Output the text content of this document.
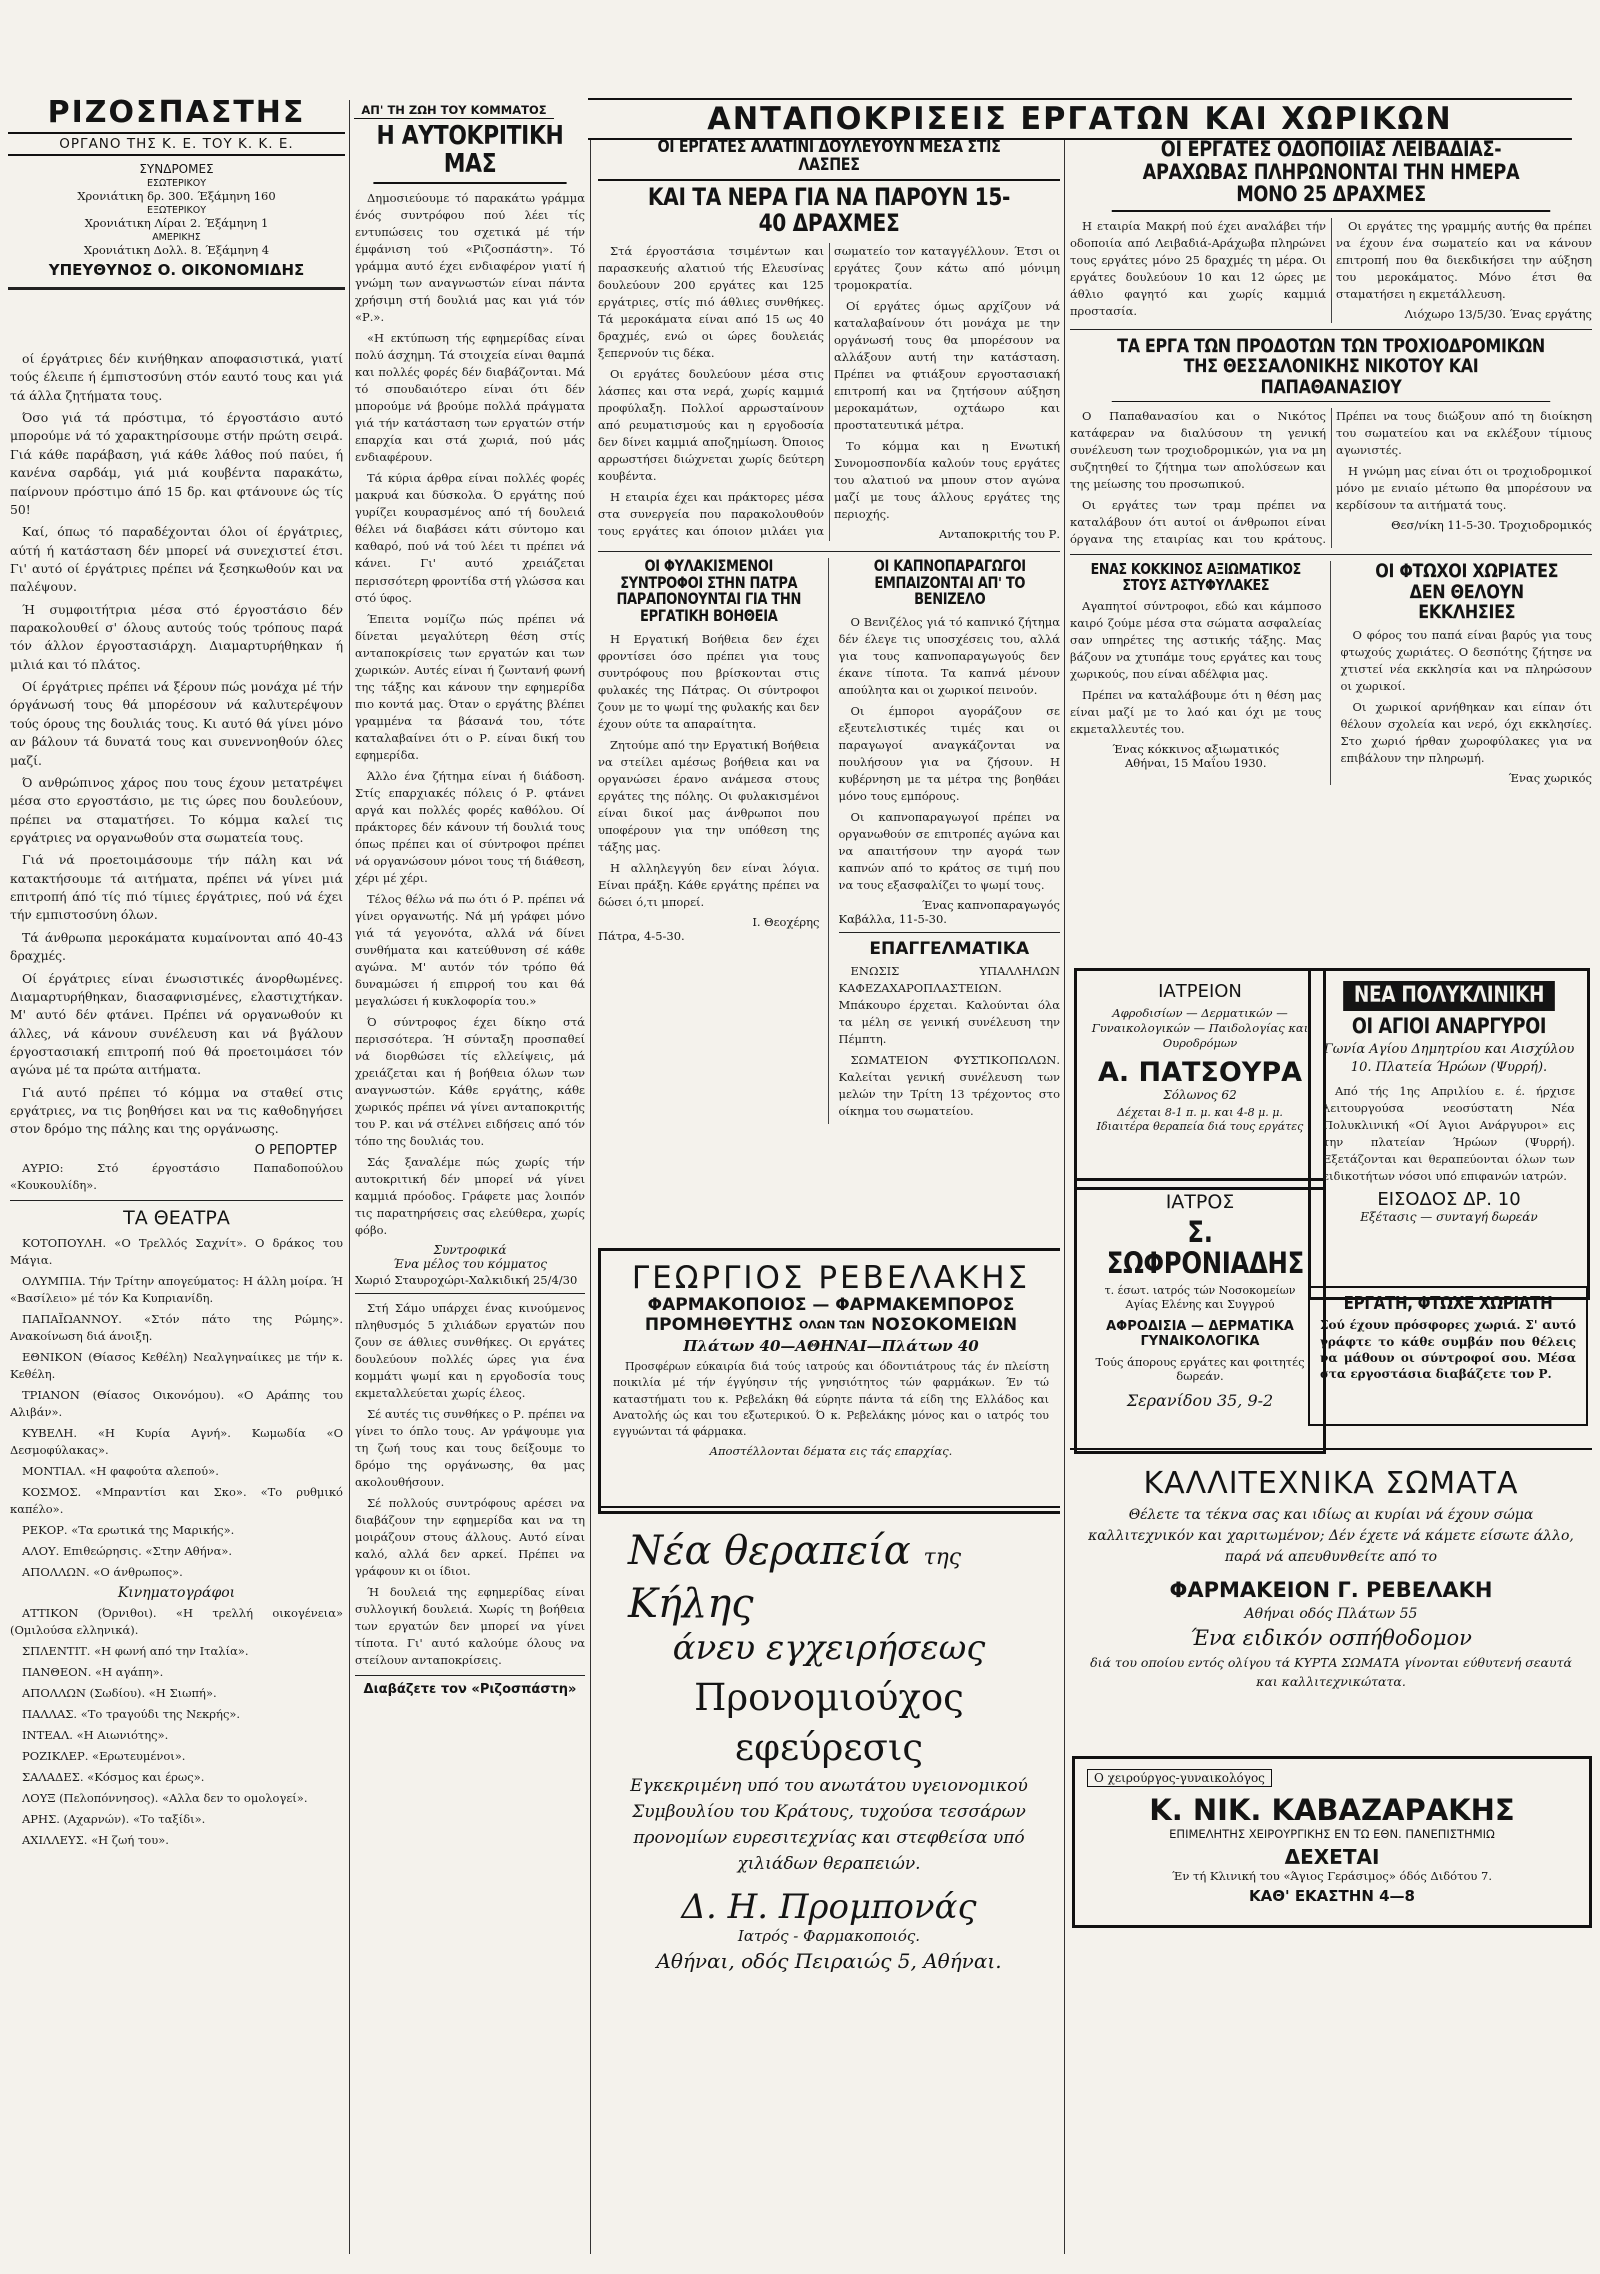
ΡΙΖΟΣΠΑΣΤΗΣ
ΟΡΓΑΝΟ ΤΗΣ Κ. Ε. ΤΟΥ Κ. Κ. Ε.
ΣΥΝΔΡΟΜΕΣ
ΕΣΩΤΕΡΙΚΟΥ
Χρονιάτικη δρ. 300. Έξάμηνη 160
ΕΞΩΤΕΡΙΚΟΥ
Χρονιάτικη Λίραι 2. Έξάμηνη 1
ΑΜΕΡΙΚΗΣ
Χρονιάτικη Δολλ. 8. Έξάμηνη 4
ΥΠΕΥΘΥΝΟΣ Ο. ΟΙΚΟΝΟΜΙΔΗΣ
ΑΠ' ΤΗ ΖΩΗ ΤΟΥ ΚΟΜΜΑΤΟΣ	ΑΝΤΑΠΟΚΡΙΣΕΙΣ ΕΡΓΑΤΩΝ ΚΑΙ ΧΩΡΙΚΩΝ

οί έργάτριες δέν κινήθηκαν αποφασιστικά, γιατί τούς έλειπε ή έμπιστοσύνη στόν εαυτό τους και γιά τά άλλα ζητήματα τους.

Όσο γιά τά πρόστιμα, τό έργοστάσιο αυτό μπορούμε νά τό χαρακτηρίσουμε στήν πρώτη σειρά. Γιά κάθε παράβαση, γιά κάθε λάθος πού παύει, ή κανένα σαρδάμ, γιά μιά κουβέντα παρακάτω, παίρνουν πρόστιμο άπό 15 δρ. και φτάνουνε ώς τίς 50!

Καί, όπως τό παραδέχονται όλοι οί έργάτριες, αύτή ή κατάσταση δέν μπορεί νά συνεχιστεί έτσι. Γι' αυτό οί έργάτριες πρέπει νά ξεσηκωθούν και να παλέψουν.

Ή συμφοιτήτρια μέσα στό έργοστάσιο δέν παρακολουθεί σ' όλους αυτούς τούς τρόπους παρά τόν άλλον έργοστασιάρχη. Διαμαρτυρήθηκαν ή μιλιά και τό πλάτος.

Οί έργάτριες πρέπει νά ξέρουν πώς μονάχα μέ τήν όργάνωσή τους θά μπορέσουν νά καλυτερέψουν τούς όρους της δουλιάς τους. Κι αυτό θά γίνει μόνο αν βάλουν τά δυνατά τους και συνεννοηθούν όλες μαζί.

Ό ανθρώπινος χάρος που τους έχουν μετατρέψει μέσα στο εργοστάσιο, με τις ώρες που δουλεύουν, πρέπει να σταματήσει. Το κόμμα καλεί τις εργάτριες να οργανωθούν στα σωματεία τους.

Γιά νά προετοιμάσουμε τήν πάλη και νά κατακτήσουμε τά αιτήματα, πρέπει νά γίνει μιά επιτροπή άπό τίς πιό τίμιες έργάτριες, πού νά έχει τήν εμπιστοσύνη όλων.

Τά άνθρωπα μεροκάματα κυμαίνονται από 40-43 δραχμές.

Οί έργάτριες είναι ένωσιστικές άνορθωμένες. Διαμαρτυρήθηκαν, διασαφνισμένες, ελαστιχτήκαν. Μ' αυτό δέν φτάνει. Πρέπει νά οργανωθούν κι άλλες, νά κάνουν συνέλευση και νά βγάλουν έργοστασιακή επιτροπή πού θά προετοιμάσει τόν αγώνα μέ τα πρώτα αιτήματα.

Γιά αυτό πρέπει τό κόμμα να σταθεί στις εργάτριες, να τις βοηθήσει και να τις καθοδηγήσει στον δρόμο της πάλης και της οργάνωσης.

Ο ΡΕΠΟΡΤΕΡ

ΑΥΡΙΟ: Στό έργοστάσιο Παπαδοπούλου «Κουκουλίδη».

ΤΑ ΘΕΑΤΡΑ

ΚΟΤΟΠΟΥΛΗ. «Ο Τρελλός Σαχνίτ». Ο δράκος του Μάγια.

ΟΛΥΜΠΙΑ. Τήν Τρίτην απογεύματος: Η άλλη μοίρα. Ή «Βασίλειο» μέ τόν Κα Κυπριανίδη.

ΠΑΠΑΪΩΑΝΝΟΥ. «Στόν πάτο της Ρώμης». Ανακοίνωση διά άνοιξη.

ΕΘΝΙΚΟΝ (Θίασος Κεθέλη) Νεαλγηναίικες με τήν κ. Κεθέλη.

ΤΡΙΑΝΟΝ (Θίασος Οικονόμου). «Ο Αράπης του Αλιβάν».

ΚΥΒΕΛΗ. «Η Κυρία Αγνή». Κωμωδία «Ο Δεσμοφύλακας».

ΜΟΝΤΙΑΛ. «Η φαφούτα αλεπού».

ΚΟΣΜΟΣ. «Μπραντίσι και Σκο». «Το ρυθμικό καπέλο».

ΡΕΚΟΡ. «Τα ερωτικά της Μαρικής».

ΑΛΟΥ. Επιθεώρησις. «Στην Αθήνα».

ΑΠΟΛΛΩΝ. «Ο άνθρωπος».

Κινηματογράφοι

ΑΤΤΙΚΟΝ (Όρνιθοι). «Η τρελλή οικογένεια» (Ομιλούσα ελληνικά).

ΣΠΛΕΝΤΙΤ. «Η φωνή από την Ιταλία».

ΠΑΝΘΕΟΝ. «Η αγάπη».

ΑΠΟΛΛΩΝ (Σωδίου). «Η Σιωπή».

ΠΑΛΛΑΣ. «Το τραγούδι της Νεκρής».

ΙΝΤΕΑΛ. «Η Αιωνιότης».

ΡΟΖΙΚΛΕΡ. «Ερωτευμένοι».

ΣΑΛΑΔΕΣ. «Κόσμος και έρως».

ΛΟΥΞ (Πελοπόννησος). «Αλλα δεν το ομολογεί».

ΑΡΗΣ. (Αχαρνών). «Το ταξίδι».

ΑΧΙΛΛΕΥΣ. «Η ζωή του».

Η ΑΥΤΟΚΡΙΤΙΚΗ ΜΑΣ

Δημοσιεύουμε τό παρακάτω γράμμα ένός συντρόφου πού λέει τίς εντυπώσεις του σχετικά μέ τήν έμφάνιση τού «Ριζοσπάστη». Τό γράμμα αυτό έχει ενδιαφέρον γιατί ή γνώμη των αναγνωστών είναι πάντα χρήσιμη στή δουλιά μας και γιά τόν «Ρ.».

«Η εκτύπωση τής εφημερίδας είναι πολύ άσχημη. Τά στοιχεία είναι θαμπά και πολλές φορές δέν διαβάζονται. Μά τό σπουδαιότερο είναι ότι δέν μπορούμε νά βρούμε πολλά πράγματα γιά τήν κατάσταση των εργατών στήν επαρχία και στά χωριά, πού μάς ενδιαφέρουν.

Τά κύρια άρθρα είναι πολλές φορές μακρυά και δύσκολα. Ό εργάτης πού γυρίζει κουρασμένος από τή δουλειά θέλει νά διαβάσει κάτι σύντομο και καθαρό, πού νά τού λέει τι πρέπει νά κάνει. Γι' αυτό χρειάζεται περισσότερη φροντίδα στή γλώσσα και στό ύφος.

Έπειτα νομίζω πώς πρέπει νά δίνεται μεγαλύτερη θέση στίς ανταποκρίσεις των εργατών και των χωρικών. Αυτές είναι ή ζωντανή φωνή της τάξης και κάνουν την εφημερίδα πιο κοντά μας. Όταν ο εργάτης βλέπει γραμμένα τα βάσανά του, τότε καταλαβαίνει ότι ο Ρ. είναι δική του εφημερίδα.

Άλλο ένα ζήτημα είναι ή διάδοση. Στίς επαρχιακές πόλεις ό Ρ. φτάνει αργά και πολλές φορές καθόλου. Οί πράκτορες δέν κάνουν τή δουλιά τους όπως πρέπει και οί σύντροφοι πρέπει νά οργανώσουν μόνοι τους τή διάθεση, χέρι μέ χέρι.

Τέλος θέλω νά πω ότι ό Ρ. πρέπει νά γίνει οργανωτής. Νά μή γράφει μόνο γιά τά γεγονότα, αλλά νά δίνει συνθήματα και κατεύθυνση σέ κάθε αγώνα. Μ' αυτόν τόν τρόπο θά δυναμώσει ή επιρροή του και θά μεγαλώσει ή κυκλοφορία του.»

Ό σύντροφος έχει δίκηο στά περισσότερα. Ή σύνταξη προσπαθεί νά διορθώσει τίς ελλείψεις, μά χρειάζεται και ή βοήθεια όλων των αναγνωστών. Κάθε εργάτης, κάθε χωρικός πρέπει νά γίνει ανταποκριτής του Ρ. και νά στέλνει ειδήσεις από τόν τόπο της δουλιάς του.

Σάς ξαναλέμε πώς χωρίς τήν αυτοκριτική δέν μπορεί νά γίνει καμμιά πρόοδος. Γράφετε μας λοιπόν τις παρατηρήσεις σας ελεύθερα, χωρίς φόβο.

Συντροφικά
Ένα μέλος του κόμματος
Χωριό Σταυροχώρι-Χαλκιδική 25/4/30

Στή Σάμο υπάρχει ένας κινούμενος πληθυσμός 5 χιλιάδων εργατών που ζουν σε άθλιες συνθήκες. Οι εργάτες δουλεύουν πολλές ώρες για ένα κομμάτι ψωμί και η εργοδοσία τους εκμεταλλεύεται χωρίς έλεος.

Σέ αυτές τις συνθήκες ο Ρ. πρέπει να γίνει το όπλο τους. Αν γράψουμε για τη ζωή τους και τους δείξουμε το δρόμο της οργάνωσης, θα μας ακολουθήσουν.

Σέ πολλούς συντρόφους αρέσει να διαβάζουν την εφημερίδα και να τη μοιράζουν στους άλλους. Αυτό είναι καλό, αλλά δεν αρκεί. Πρέπει να γράφουν κι οι ίδιοι.

Ή δουλειά της εφημερίδας είναι συλλογική δουλειά. Χωρίς τη βοήθεια των εργατών δεν μπορεί να γίνει τίποτα. Γι' αυτό καλούμε όλους να στείλουν ανταποκρίσεις.

Διαβάζετε τον «Ριζοσπάστη»
ΟΙ ΕΡΓΑΤΕΣ ΑΛΑΤΙΝΙ ΔΟΥΛΕΥΟΥΝ ΜΕΣΑ ΣΤΙΣ ΛΑΣΠΕΣ
ΚΑΙ ΤΑ ΝΕΡΑ ΓΙΑ ΝΑ ΠΑΡΟΥΝ 15-40 ΔΡΑΧΜΕΣ

Στά έργοστάσια τσιμέντων και παρασκευής αλατιού τής Ελευσίνας δουλεύουν 200 εργάτες και 125 εργάτριες, στίς πιό άθλιες συνθήκες. Τά μεροκάματα είναι από 15 ως 40 δραχμές, ενώ οι ώρες δουλειάς ξεπερνούν τις δέκα.

Οι εργάτες δουλεύουν μέσα στις λάσπες και στα νερά, χωρίς καμμιά προφύλαξη. Πολλοί αρρωσταίνουν από ρευματισμούς και η εργοδοσία δεν δίνει καμμιά αποζημίωση. Όποιος αρρωστήσει διώχνεται χωρίς δεύτερη κουβέντα.

Η εταιρία έχει και πράκτορες μέσα στα συνεργεία που παρακολουθούν τους εργάτες και όποιον μιλάει για σωματείο τον καταγγέλλουν. Έτσι οι εργάτες ζουν κάτω από μόνιμη τρομοκρατία.

Οί εργάτες όμως αρχίζουν νά καταλαβαίνουν ότι μονάχα με την οργάνωσή τους θα μπορέσουν να αλλάξουν αυτή την κατάσταση. Πρέπει να φτιάξουν εργοστασιακή επιτροπή και να ζητήσουν αύξηση μεροκαμάτων, οχτάωρο και προστατευτικά μέτρα.

Το κόμμα και η Ενωτική Συνομοσπονδία καλούν τους εργάτες του αλατιού να μπουν στον αγώνα μαζί με τους άλλους εργάτες της περιοχής.

Ανταποκριτής του Ρ.
ΟΙ ΦΥΛΑΚΙΣΜΕΝΟΙ ΣΥΝΤΡΟΦΟΙ ΣΤΗΝ ΠΑΤΡΑ ΠΑΡΑΠΟΝΟΥΝΤΑΙ ΓΙΑ ΤΗΝ ΕΡΓΑΤΙΚΗ ΒΟΗΘΕΙΑ

Η Εργατική Βοήθεια δεν έχει φροντίσει όσο πρέπει για τους συντρόφους που βρίσκονται στις φυλακές της Πάτρας. Οι σύντροφοι ζουν με το ψωμί της φυλακής και δεν έχουν ούτε τα απαραίτητα.

Ζητούμε από την Εργατική Βοήθεια να στείλει αμέσως βοήθεια και να οργανώσει έρανο ανάμεσα στους εργάτες της πόλης. Οι φυλακισμένοι είναι δικοί μας άνθρωποι που υποφέρουν για την υπόθεση της τάξης μας.

Η αλληλεγγύη δεν είναι λόγια. Είναι πράξη. Κάθε εργάτης πρέπει να δώσει ό,τι μπορεί.

Ι. Θεοχέρης
Πάτρα, 4-5-30.
ΟΙ ΚΑΠΝΟΠΑΡΑΓΩΓΟΙ ΕΜΠΑΙΖΟΝΤΑΙ ΑΠ' ΤΟ ΒΕΝΙΖΕΛΟ

Ο Βενιζέλος γιά τό καπνικό ζήτημα δέν έλεγε τις υποσχέσεις του, αλλά για τους καπνοπαραγωγούς δεν έκανε τίποτα. Τα καπνά μένουν απούλητα και οι χωρικοί πεινούν.

Οι έμποροι αγοράζουν σε εξευτελιστικές τιμές και οι παραγωγοί αναγκάζονται να πουλήσουν για να ζήσουν. Η κυβέρνηση με τα μέτρα της βοηθάει μόνο τους εμπόρους.

Οι καπνοπαραγωγοί πρέπει να οργανωθούν σε επιτροπές αγώνα και να απαιτήσουν την αγορά των καπνών από το κράτος σε τιμή που να τους εξασφαλίζει το ψωμί τους.

Ένας καπνοπαραγωγός
Καβάλλα, 11-5-30.
ΕΠΑΓΓΕΛΜΑΤΙΚΑ

ΕΝΩΣΙΣ ΥΠΑΛΛΗΛΩΝ ΚΑΦΕΖΑΧΑΡΟΠΛΑΣΤΕΙΩΝ. Μπάκουρο έρχεται. Καλούνται όλα τα μέλη σε γενική συνέλευση την Πέμπτη.

ΣΩΜΑΤΕΙΟΝ ΦΥΣΤΙΚΟΠΩΛΩΝ. Καλείται γενική συνέλευση των μελών την Τρίτη 13 τρέχοντος στο οίκημα του σωματείου.

ΓΕΩΡΓΙΟΣ ΡΕΒΕΛΑΚΗΣ
ΦΑΡΜΑΚΟΠΟΙΟΣ — ΦΑΡΜΑΚΕΜΠΟΡΟΣ
ΠΡΟΜΗΘΕΥΤΗΣ ΟΛΩΝ ΤΩΝ ΝΟΣΟΚΟΜΕΙΩΝ
Πλάτων 40—ΑΘΗΝΑΙ—Πλάτων 40

Προσφέρων εύκαιρία διά τούς ιατρούς και όδοντιάτρους τάς έν πλείστη ποικιλία μέ τήν έγγύησιν τής γνησιότητος τών φαρμάκων. Έν τώ καταστήματι του κ. Ρεβελάκη θά εύρητε πάντα τά είδη της Ελλάδος και Ανατολής ώς και του εξωτερικού. Ό κ. Ρεβελάκης μόνος και ο ιατρός του εγγυώνται τά φάρμακα.

Αποστέλλονται δέματα εις τάς επαρχίας.
Νέα θεραπεία της Κήλης
άνευ εγχειρήσεως
Προνομιούχος εφεύρεσις
Εγκεκριμένη υπό του ανωτάτου υγειονομικού Συμβουλίου του Κράτους, τυχούσα τεσσάρων προνομίων ευρεσιτεχνίας και στεφθείσα υπό χιλιάδων θεραπειών.
Δ. Η. Προμπονάς
Ιατρός - Φαρμακοποιός.
Αθήναι, οδός Πειραιώς 5, Αθήναι.
ΟΙ ΕΡΓΑΤΕΣ ΟΔΟΠΟΙΙΑΣ ΛΕΙΒΑΔΙΑΣ-ΑΡΑΧΩΒΑΣ ΠΛΗΡΩΝΟΝΤΑΙ ΤΗΝ ΗΜΕΡΑ ΜΟΝΟ 25 ΔΡΑΧΜΕΣ

Η εταιρία Μακρή πού έχει αναλάβει τήν οδοποιία από Λειβαδιά-Αράχωβα πληρώνει τους εργάτες μόνο 25 δραχμές τη μέρα. Οι εργάτες δουλεύουν 10 και 12 ώρες με άθλιο φαγητό και χωρίς καμμιά προστασία.

Οι εργάτες της γραμμής αυτής θα πρέπει να έχουν ένα σωματείο και να κάνουν επιτροπή που θα διεκδικήσει την αύξηση του μεροκάματος. Μόνο έτσι θα σταματήσει η εκμετάλλευση.

Λιόχωρο 13/5/30. Ένας εργάτης
ΤΑ ΕΡΓΑ ΤΩΝ ΠΡΟΔΟΤΩΝ ΤΩΝ ΤΡΟΧΙΟΔΡΟΜΙΚΩΝ ΤΗΣ ΘΕΣΣΑΛΟΝΙΚΗΣ ΝΙΚΟΤΟΥ ΚΑΙ ΠΑΠΑΘΑΝΑΣΙΟΥ

Ο Παπαθανασίου και ο Νικότος κατάφεραν να διαλύσουν τη γενική συνέλευση των τροχιοδρομικών, για να μη συζητηθεί το ζήτημα των απολύσεων και της μείωσης του προσωπικού.

Οι εργάτες των τραμ πρέπει να καταλάβουν ότι αυτοί οι άνθρωποι είναι όργανα της εταιρίας και του κράτους. Πρέπει να τους διώξουν από τη διοίκηση του σωματείου και να εκλέξουν τίμιους αγωνιστές.

Η γνώμη μας είναι ότι οι τροχιοδρομικοί μόνο με ενιαίο μέτωπο θα μπορέσουν να κερδίσουν τα αιτήματά τους.

Θεσ/νίκη 11-5-30. Τροχιοδρομικός
ΕΝΑΣ ΚΟΚΚΙΝΟΣ ΑΞΙΩΜΑΤΙΚΟΣ ΣΤΟΥΣ ΑΣΤΥΦΥΛΑΚΕΣ

Αγαπητοί σύντροφοι, εδώ και κάμποσο καιρό ζούμε μέσα στα σώματα ασφαλείας σαν υπηρέτες της αστικής τάξης. Μας βάζουν να χτυπάμε τους εργάτες και τους χωρικούς, που είναι αδέλφια μας.

Πρέπει να καταλάβουμε ότι η θέση μας είναι μαζί με το λαό και όχι με τους εκμεταλλευτές του.

Ένας κόκκινος αξιωματικός
Αθήναι, 15 Μαΐου 1930.
ΟΙ ΦΤΩΧΟΙ ΧΩΡΙΑΤΕΣ ΔΕΝ ΘΕΛΟΥΝ ΕΚΚΛΗΣΙΕΣ

Ο φόρος του παπά είναι βαρύς για τους φτωχούς χωριάτες. Ο δεσπότης ζήτησε να χτιστεί νέα εκκλησία και να πληρώσουν οι χωρικοί.

Οι χωρικοί αρνήθηκαν και είπαν ότι θέλουν σχολεία και νερό, όχι εκκλησίες. Στο χωριό ήρθαν χωροφύλακες για να επιβάλουν την πληρωμή.

Ένας χωρικός
ΙΑΤΡΕΙΟΝ
Αφροδισίων — Δερματικών — Γυναικολογικών — Παιδολογίας και Ουροδρόμων
Α. ΠΑΤΣΟΥΡΑ
Σόλωνος 62
Δέχεται 8-1 π. μ. και 4-8 μ. μ. Ιδιαιτέρα θεραπεία διά τους εργάτες
ΙΑΤΡΟΣ
Σ. ΣΩΦΡΟΝΙΑΔΗΣ
τ. έσωτ. ιατρός τών Νοσοκομείων Αγίας Ελένης και Συγγρού
ΑΦΡΟΔΙΣΙΑ — ΔΕΡΜΑΤΙΚΑ ΓΥΝΑΙΚΟΛΟΓΙΚΑ
Τούς άπορους εργάτες και φοιτητές δωρεάν.
Σερανίδου 35, 9-2
ΝΕΑ ΠΟΛΥΚΛΙΝΙΚΗ
ΟΙ ΑΓΙΟΙ ΑΝΑΡΓΥΡΟΙ
Γωνία Αγίου Δημητρίου και Αισχύλου 10. Πλατεία Ήρώων (Ψυρρή).

Από τής 1ης Απριλίου ε. έ. ήρχισε λειτουργούσα νεοσύστατη Νέα Πολυκλινική «Οί Άγιοι Ανάργυροι» εις την πλατείαν Ήρώων (Ψυρρή). Εξετάζονται και θεραπεύονται όλων των ειδικοτήτων νόσοι υπό επιφανών ιατρών.

ΕΙΣΟΔΟΣ ΔΡ. 10
Εξέτασις — συνταγή δωρεάν
ΕΡΓΑΤΗ, ΦΤΩΧΕ ΧΩΡΙΑΤΗ
Σού έχουν πρόσφορες χωριά. Σ' αυτό γράφτε το κάθε συμβάν που θέλεις να μάθουν οι σύντροφοί σου. Μέσα στα εργοστάσια διαβάζετε τον Ρ.
ΚΑΛΛΙΤΕΧΝΙΚΑ ΣΩΜΑΤΑ
Θέλετε τα τέκνα σας και ιδίως αι κυρίαι νά έχουν σώμα καλλιτεχνικόν και χαριτωμένον; Δέν έχετε νά κάμετε είσωτε άλλο, παρά νά απευθυνθείτε από το
ΦΑΡΜΑΚΕΙΟΝ Γ. ΡΕΒΕΛΑΚΗ
Αθήναι οδός Πλάτων 55
Ένα ειδικόν οσπήθοδομον
διά του οποίου εντός ολίγου τά ΚΥΡΤΑ ΣΩΜΑΤΑ γίνονται εύθυτενή σεαυτά και καλλιτεχνικώτατα.
Ο χειρούργος-γυναικολόγος
Κ. ΝΙΚ. ΚΑΒΑΖΑΡΑΚΗΣ
ΕΠΙΜΕΛΗΤΗΣ ΧΕΙΡΟΥΡΓΙΚΗΣ ΕΝ ΤΩ ΕΘΝ. ΠΑΝΕΠΙΣΤΗΜΙΩ
ΔΕΧΕΤΑΙ
Έν τή Κλινική του «Άγιος Γεράσιμος» όδός Διδότου 7.
ΚΑΘ' ΕΚΑΣΤΗΝ 4—8
